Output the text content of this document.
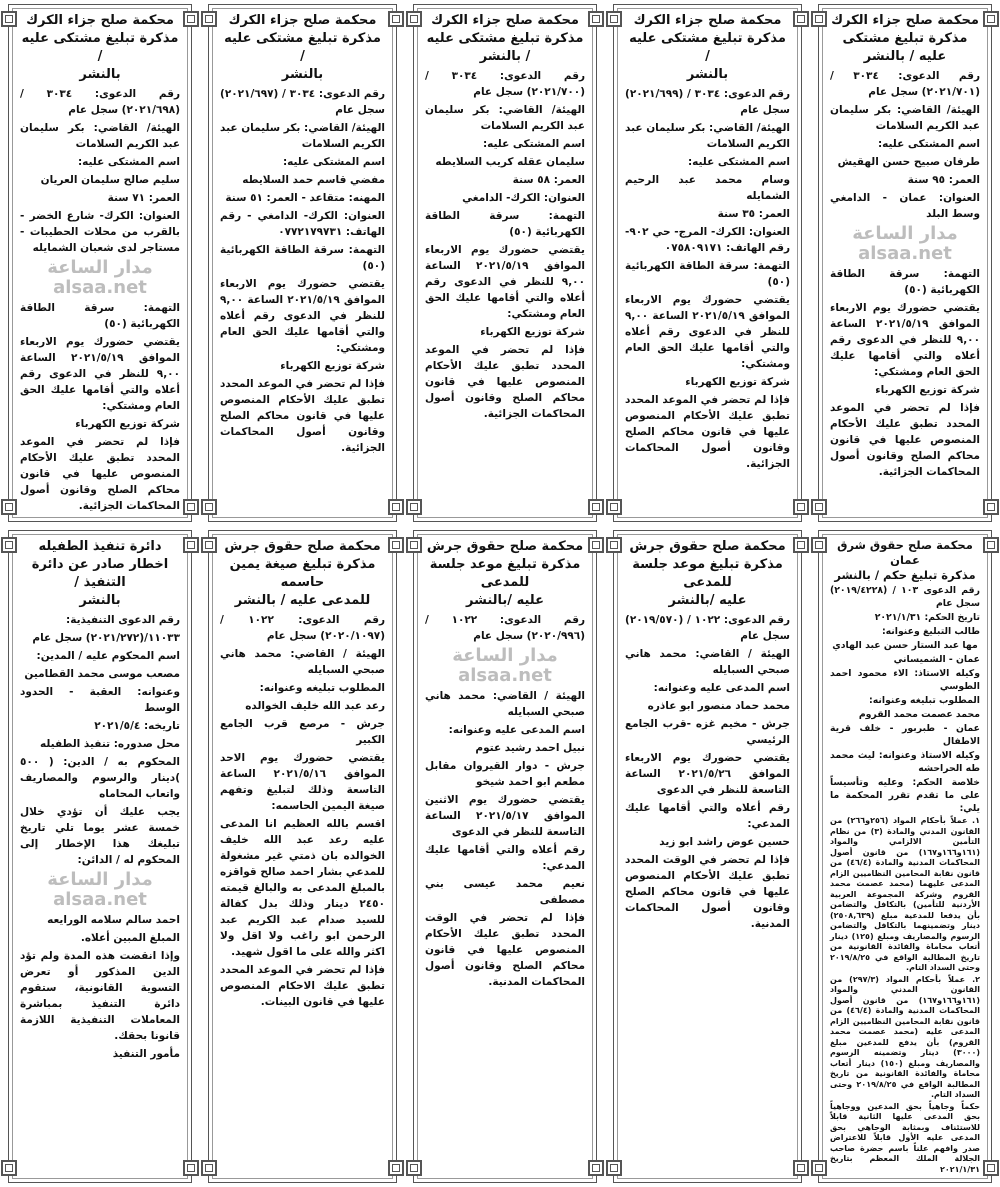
محكمة صلح جزاء الكرك
مذكرة تبليغ مشتكى عليه / بالنشر
رقم الدعوى: ٣٠٣٤ / (٢٠٢١/٧٠١) سجل عام
الهيئة/ القاضي: بكر سليمان عبد الكريم السلامات
اسم المشتكى عليه:
طرفان صبيح حسن الهقيش
العمر: ٩٥ سنة
العنوان: عمان - الدامغي وسط البلد
مدار الساعة
alsaa.net
التهمة: سرقة الطاقة الكهربائية (٥٠)
يقتضي حضورك يوم الاربعاء الموافق ٢٠٢١/٥/١٩ الساعة ٩,٠٠ للنظر في الدعوى رقم أعلاه والتي أقامها عليك الحق العام ومشتكي:
شركة توزيع الكهرباء
فإذا لم تحضر في الموعد المحدد تطبق عليك الأحكام المنصوص عليها في قانون محاكم الصلح وقانون أصول المحاكمات الجزائية.
محكمة صلح جزاء الكرك
مذكرة تبليغ مشتكى عليه /
بالنشر
رقم الدعوى: ٣٠٣٤ / (٢٠٢١/٦٩٩) سجل عام
الهيئة/ القاضي: بكر سليمان عبد الكريم السلامات
اسم المشتكى عليه:
وسام محمد عبد الرحيم الشمايله
العمر: ٣٥ سنة
العنوان: الكرك- المرج- حي ٩٠٢- رقم الهاتف: ٠٧٥٨٠٩١٧١
التهمة: سرقة الطاقة الكهربائية (٥٠)
يقتضي حضورك يوم الاربعاء الموافق ٢٠٢١/٥/١٩ الساعة ٩,٠٠ للنظر في الدعوى رقم أعلاه والتي أقامها عليك الحق العام ومشتكي:
شركة توزيع الكهرباء
فإذا لم تحضر في الموعد المحدد تطبق عليك الأحكام المنصوص عليها في قانون محاكم الصلح وقانون أصول المحاكمات الجزائية.
محكمة صلح جزاء الكرك
مذكرة تبليغ مشتكى عليه / بالنشر
رقم الدعوى: ٣٠٣٤ / (٢٠٢١/٧٠٠) سجل عام
الهيئة/ القاضي: بكر سليمان عبد الكريم السلامات
اسم المشتكى عليه:
سليمان عقله كريب السلايطه
العمر: ٥٨ سنة
العنوان: الكرك- الدامغي
التهمة: سرقة الطاقة الكهربائية (٥٠)
يقتضي حضورك يوم الاربعاء الموافق ٢٠٢١/٥/١٩ الساعة ٩,٠٠ للنظر في الدعوى رقم أعلاه والتي أقامها عليك الحق العام ومشتكي:
شركة توزيع الكهرباء
فإذا لم تحضر في الموعد المحدد تطبق عليك الأحكام المنصوص عليها في قانون محاكم الصلح وقانون أصول المحاكمات الجزائية.
محكمة صلح جزاء الكرك
مذكرة تبليغ مشتكى عليه /
بالنشر
رقم الدعوى: ٣٠٣٤ / (٢٠٢١/٦٩٧) سجل عام
الهيئة/ القاضي: بكر سليمان عبد الكريم السلامات
اسم المشتكى عليه:
مفضي قاسم حمد السلايطه
المهنه: متقاعد - العمر: ٥١ سنة
العنوان: الكرك- الدامغي - رقم الهاتف: ٠٧٧٢١٧٩٧٣١
التهمة: سرقة الطاقة الكهربائية (٥٠)
يقتضي حضورك يوم الاربعاء الموافق ٢٠٢١/٥/١٩ الساعة ٩,٠٠ للنظر في الدعوى رقم أعلاه والتي أقامها عليك الحق العام ومشتكي:
شركة توزيع الكهرباء
فإذا لم تحضر في الموعد المحدد تطبق عليك الأحكام المنصوص عليها في قانون محاكم الصلح وقانون أصول المحاكمات الجزائية.
محكمة صلح جزاء الكرك
مذكرة تبليغ مشتكى عليه /
بالنشر
رقم الدعوى: ٣٠٣٤ / (٢٠٢١/٦٩٨) سجل عام
الهيئة/ القاضي: بكر سليمان عبد الكريم السلامات
اسم المشتكى عليه:
سليم صالح سليمان العريان
العمر: ٧١ سنة
العنوان: الكرك- شارع الخضر - بالقرب من محلات الحطيبات - مستاجر لدى شعبان الشمايله
مدار الساعة
alsaa.net
التهمة: سرقة الطاقة الكهربائية (٥٠)
يقتضي حضورك يوم الاربعاء الموافق ٢٠٢١/٥/١٩ الساعة ٩,٠٠ للنظر في الدعوى رقم أعلاه والتي أقامها عليك الحق العام ومشتكي:
شركة توزيع الكهرباء
فإذا لم تحضر في الموعد المحدد تطبق عليك الأحكام المنصوص عليها في قانون محاكم الصلح وقانون أصول المحاكمات الجزائية.
محكمة صلح حقوق شرق عمان
مذكرة تبليغ حكم / بالنشر
رقم الدعوى ١٠٣ / (٢٠١٩/٤٢٢٨) سجل عام
تاريخ الحكم: ٢٠٢١/١/٣١
طالب التبليغ وعنوانه:
مها عبد الستار حسن عبد الهادي
عمان - الشميساني
وكيله الاستاذ: الاء محمود احمد الطوسي
المطلوب تبليغه وعنوانه:
محمد عصمت محمد القروم
عمان - طبربور - خلف قرية الاطفال
وكيله الاستاذ وعنوانه: ليث محمد طه الحراحشه
خلاصة الحكم: وعليه وتأسيساً على ما تقدم تقرر المحكمة ما يلي:
١. عملاً بأحكام المواد (٢٥٦و٢٦٦) من القانون المدني والمادة (٣) من نظام التأمين الالزامي والمواد (١٦١و١٦٦و١٦٧) من قانون أصول المحاكمات المدنية والمادة (٤٦/٤) من قانون نقابة المحامين النظاميين الزام المدعى عليهما (محمد عصمت محمد القروم وشركة المجموعة العربية الأردنية للتأمين) بالتكافل والتضامن بأن يدفعا للمدعية مبلغ (٢٥٠٨,٦٣٩) دينار وتضمينهما بالتكافل والتضامن الرسوم والمصاريف ومبلغ (١٢٥) دينار أتعاب محاماة والفائدة القانونية من تاريخ المطالبة الواقع في ٢٠١٩/٨/٢٥ وحتى السداد التام.
٢. عملاً بأحكام المواد (٢٩٧/٣) من القانون المدني والمواد (١٦١و١٦٦و١٦٧) من قانون أصول المحاكمات المدنية والمادة (٤٦/٤) من قانون نقابة المحامين النظاميين الزام المدعى عليه (محمد عصمت محمد القروم) بأن يدفع للمدعين مبلغ (٣٠٠٠) دينار وتضمينه الرسوم والمصاريف ومبلغ (١٥٠) دينار أتعاب محاماة والفائدة القانونية من تاريخ المطالبة الواقع في ٢٠١٩/٨/٢٥ وحتى السداد التام.
حكماً وجاهياً بحق المدعين ووجاهياً بحق المدعى عليها الثانية قابلاً للاستئناف وبمثابة الوجاهي بحق المدعى عليه الأول قابلاً للاعتراض صدر وافهم علناً باسم حضرة صاحب الجلالة الملك المعظم بتاريخ ٢٠٢١/١/٣١
محكمة صلح حقوق جرش
مذكرة تبليغ موعد جلسة للمدعى
عليه /بالنشر
رقم الدعوى: ١٠٢٢ / (٢٠١٩/٥٧٠) سجل عام
الهيئة / القاضي: محمد هاني صبحي السبايله
اسم المدعى عليه وعنوانه:
محمد حماد منصور ابو عاذره
جرش - مخيم غزه -قرب الجامع الرئيسي
يقتضي حضورك يوم الاربعاء الموافق ٢٠٢١/٥/٢٦ الساعة التاسعة للنظر في الدعوى
رقم أعلاه والتي أقامها عليك المدعي:
حسين عوض راشد ابو زيد
فإذا لم تحضر في الوقت المحدد تطبق عليك الأحكام المنصوص عليها في قانون محاكم الصلح وقانون أصول المحاكمات المدنية.
محكمة صلح حقوق جرش
مذكرة تبليغ موعد جلسة للمدعى
عليه /بالنشر
رقم الدعوى: ١٠٢٢ / (٢٠٢٠/٩٩٦) سجل عام
مدار الساعة
alsaa.net
الهيئة / القاضي: محمد هاني صبحي السبايله
اسم المدعى عليه وعنوانه:
نبيل احمد رشيد عتوم
جرش - دوار القيروان مقابل مطعم ابو احمد شيخو
يقتضي حضورك يوم الاثنين الموافق ٢٠٢١/٥/١٧ الساعة التاسعة للنظر في الدعوى
رقم أعلاه والتي أقامها عليك المدعي:
نعيم محمد عيسى بني مصطفى
فإذا لم تحضر في الوقت المحدد تطبق عليك الأحكام المنصوص عليها في قانون محاكم الصلح وقانون أصول المحاكمات المدنية.
محكمة صلح حقوق جرش
مذكرة تبليغ صيغة يمين حاسمه
للمدعى عليه / بالنشر
رقم الدعوى: ١٠٢٢ / (٢٠٢٠/١٠٩٧) سجل عام
الهيئة / القاضي: محمد هاني صبحي السبايله
المطلوب تبليغه وعنوانه:
رعد عبد الله خليف الخوالده
جرش - مرصع قرب الجامع الكبير
يقتضي حضورك يوم الاحد الموافق ٢٠٢١/٥/١٦ الساعة التاسعة وذلك لتبليغ وتفهم صيغة اليمين الحاسمه:
اقسم بالله العظيم انا المدعى عليه رعد عبد الله خليف الخوالده بان ذمتي غير مشغولة للمدعي بشار احمد صالح قواقزه بالمبلغ المدعى به والبالغ قيمته ٢٤٥٠ دينار وذلك بدل كفالة للسيد صدام عبد الكريم عبد الرحمن ابو راغب ولا اقل ولا اكثر والله على ما اقول شهيد.
فإذا لم تحضر في الموعد المحدد تطبق عليك الاحكام المنصوص عليها في قانون البينات.
دائرة تنفيذ الطفيله
اخطار صادر عن دائرة التنفيذ /
بالنشر
رقم الدعوى التنفيذية:
١١٠٣٣/(٢٠٢١/٢٧٢) سجل عام
اسم المحكوم عليه / المدين:
مصعب موسى محمد القطامين
وعنوانه: العقبة - الحدود الوسط
تاريخه: ٢٠٢١/٥/٤
محل صدوره: تنفيذ الطفيله
المحكوم به / الدين: ( ٥٠٠ )دينار والرسوم والمصاريف واتعاب المحاماه
يجب عليك أن تؤدي خلال خمسة عشر يوما تلي تاريخ تبليغك هذا الإخطار إلى المحكوم له / الدائن:
مدار الساعة
alsaa.net
احمد سالم سلامه الورايعه
المبلغ المبين أعلاه.
وإذا انقضت هذه المدة ولم تؤد الدين المذكور أو تعرض التسوية القانونية، ستقوم دائرة التنفيذ بمباشرة المعاملات التنفيذية اللازمة قانونا بحقك.
مأمور التنفيذ
